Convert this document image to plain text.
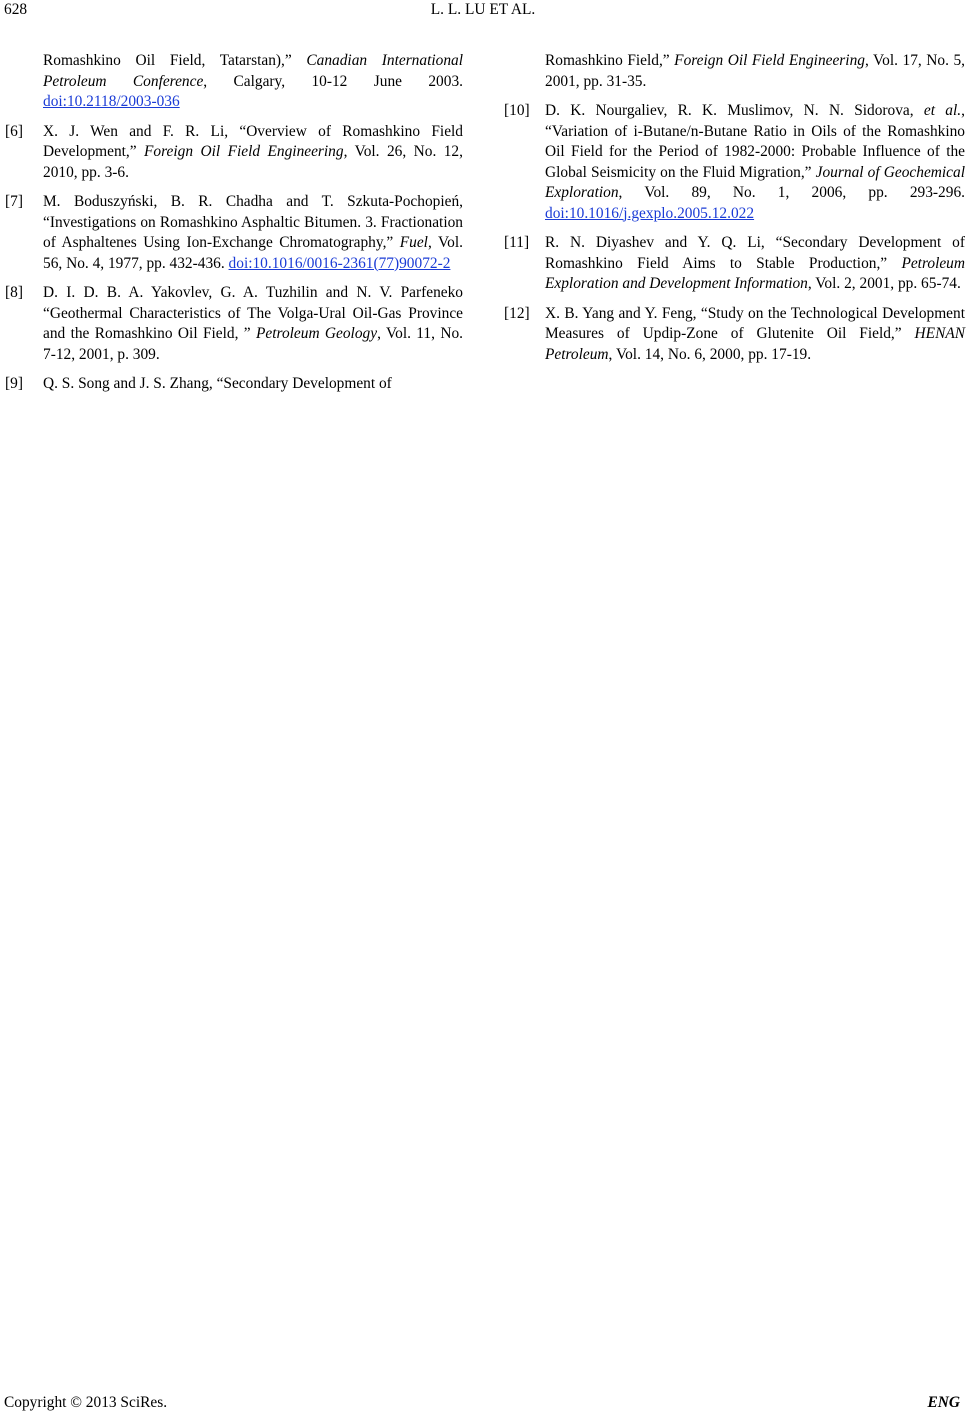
628	L. L. LU ET AL.
Romashkino Oil Field, Tatarstan),” Canadian International Petroleum Conference, Calgary, 10-12 June 2003. doi:10.2118/2003-036
[6] X. J. Wen and F. R. Li, “Overview of Romashkino Field Development,” Foreign Oil Field Engineering, Vol. 26, No. 12, 2010, pp. 3-6.
[7] M. Boduszyński, B. R. Chadha and T. Szkuta-Pochopień, “Investigations on Romashkino Asphaltic Bitumen. 3. Fractionation of Asphaltenes Using Ion-Exchange Chromatography,” Fuel, Vol. 56, No. 4, 1977, pp. 432-436. doi:10.1016/0016-2361(77)90072-2
[8] D. I. D. B. A. Yakovlev, G. A. Tuzhilin and N. V. Parfeneko “Geothermal Characteristics of The Volga-Ural Oil-Gas Province and the Romashkino Oil Field, ” Petroleum Geology, Vol. 11, No. 7-12, 2001, p. 309.
[9] Q. S. Song and J. S. Zhang, “Secondary Development of
Romashkino Field,” Foreign Oil Field Engineering, Vol. 17, No. 5, 2001, pp. 31-35.
[10] D. K. Nourgaliev, R. K. Muslimov, N. N. Sidorova, et al., “Variation of i-Butane/n-Butane Ratio in Oils of the Romashkino Oil Field for the Period of 1982-2000: Probable Influence of the Global Seismicity on the Fluid Migration,” Journal of Geochemical Exploration, Vol. 89, No. 1, 2006, pp. 293-296. doi:10.1016/j.gexplo.2005.12.022
[11] R. N. Diyashev and Y. Q. Li, “Secondary Development of Romashkino Field Aims to Stable Production,” Petroleum Exploration and Development Information, Vol. 2, 2001, pp. 65-74.
[12] X. B. Yang and Y. Feng, “Study on the Technological Development Measures of Updip-Zone of Glutenite Oil Field,” HENAN Petroleum, Vol. 14, No. 6, 2000, pp. 17-19.
Copyright © 2013 SciRes.	ENG
